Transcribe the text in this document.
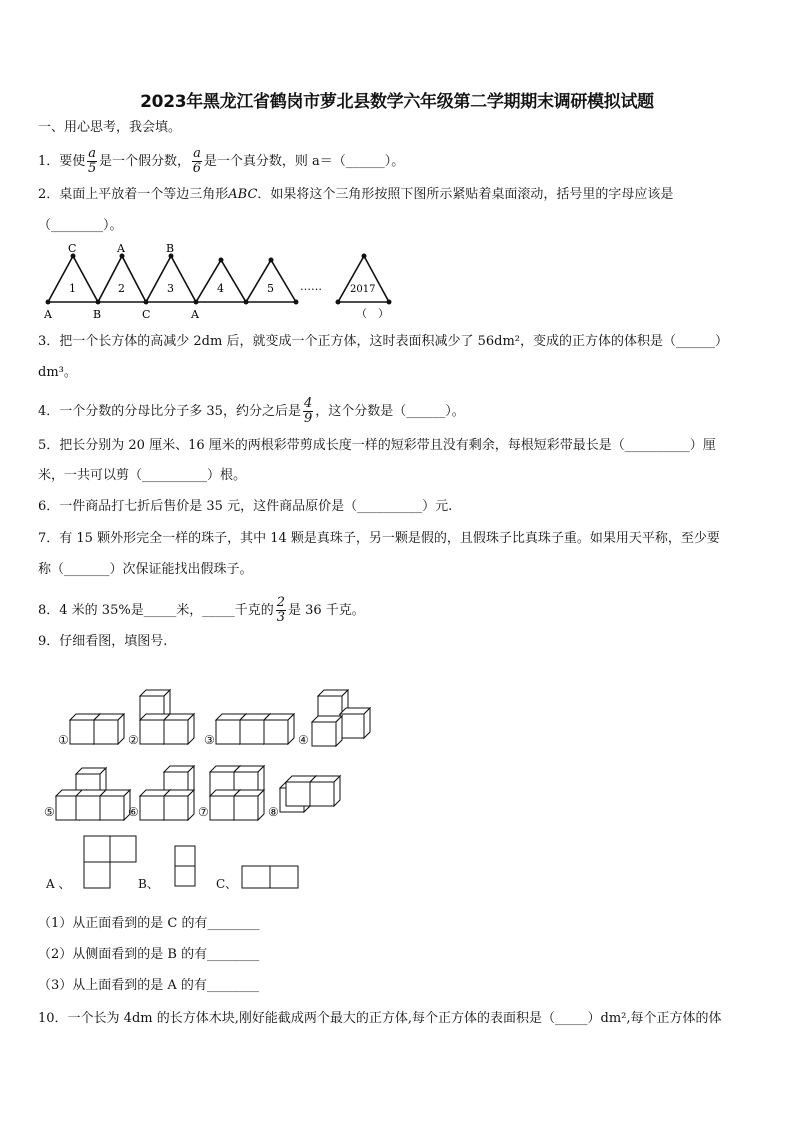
2023年黑龙江省鹤岗市萝北县数学六年级第二学期期末调研模拟试题
一、用心思考，我会填。
1．要使 $\frac{a}{5}$ 是一个假分数， $\frac{a}{6}$ 是一个真分数，则 a＝（______）。
2．桌面上平放着一个等边三角形ABC．如果将这个三角形按照下图所示紧贴着桌面滚动，括号里的字母应该是
（________）。
C	A	B
A	B	C	A
1	2	3	4	5 ……	2017
（　）
3．把一个长方体的高减少 2dm 后，就变成一个正方体，这时表面积减少了 56dm²，变成的正方体的体积是（______）
dm³。
4．一个分数的分母比分子多 35，约分之后是 $\frac{4}{9}$ ，这个分数是（______）。
5．把长分别为 20 厘米、16 厘米的两根彩带剪成长度一样的短彩带且没有剩余，每根短彩带最长是（__________）厘
米，一共可以剪（__________）根。
6．一件商品打七折后售价是 35 元，这件商品原价是（__________）元.
7．有 15 颗外形完全一样的珠子，其中 14 颗是真珠子，另一颗是假的，且假珠子比真珠子重。如果用天平称，至少要
称（_______）次保证能找出假珠子。
8．4 米的 35%是_____米，_____千克的 $\frac{2}{3}$ 是 36 千克。
9．仔细看图，填图号.
①	②	③	④
⑤	⑥	⑦	⑧
A 、	B、	C、
（1）从正面看到的是 C 的有________
（2）从侧面看到的是 B 的有________
（3）从上面看到的是 A 的有________
10．一个长为 4dm 的长方体木块,刚好能截成两个最大的正方体,每个正方体的表面积是（_____）dm²,每个正方体的体
